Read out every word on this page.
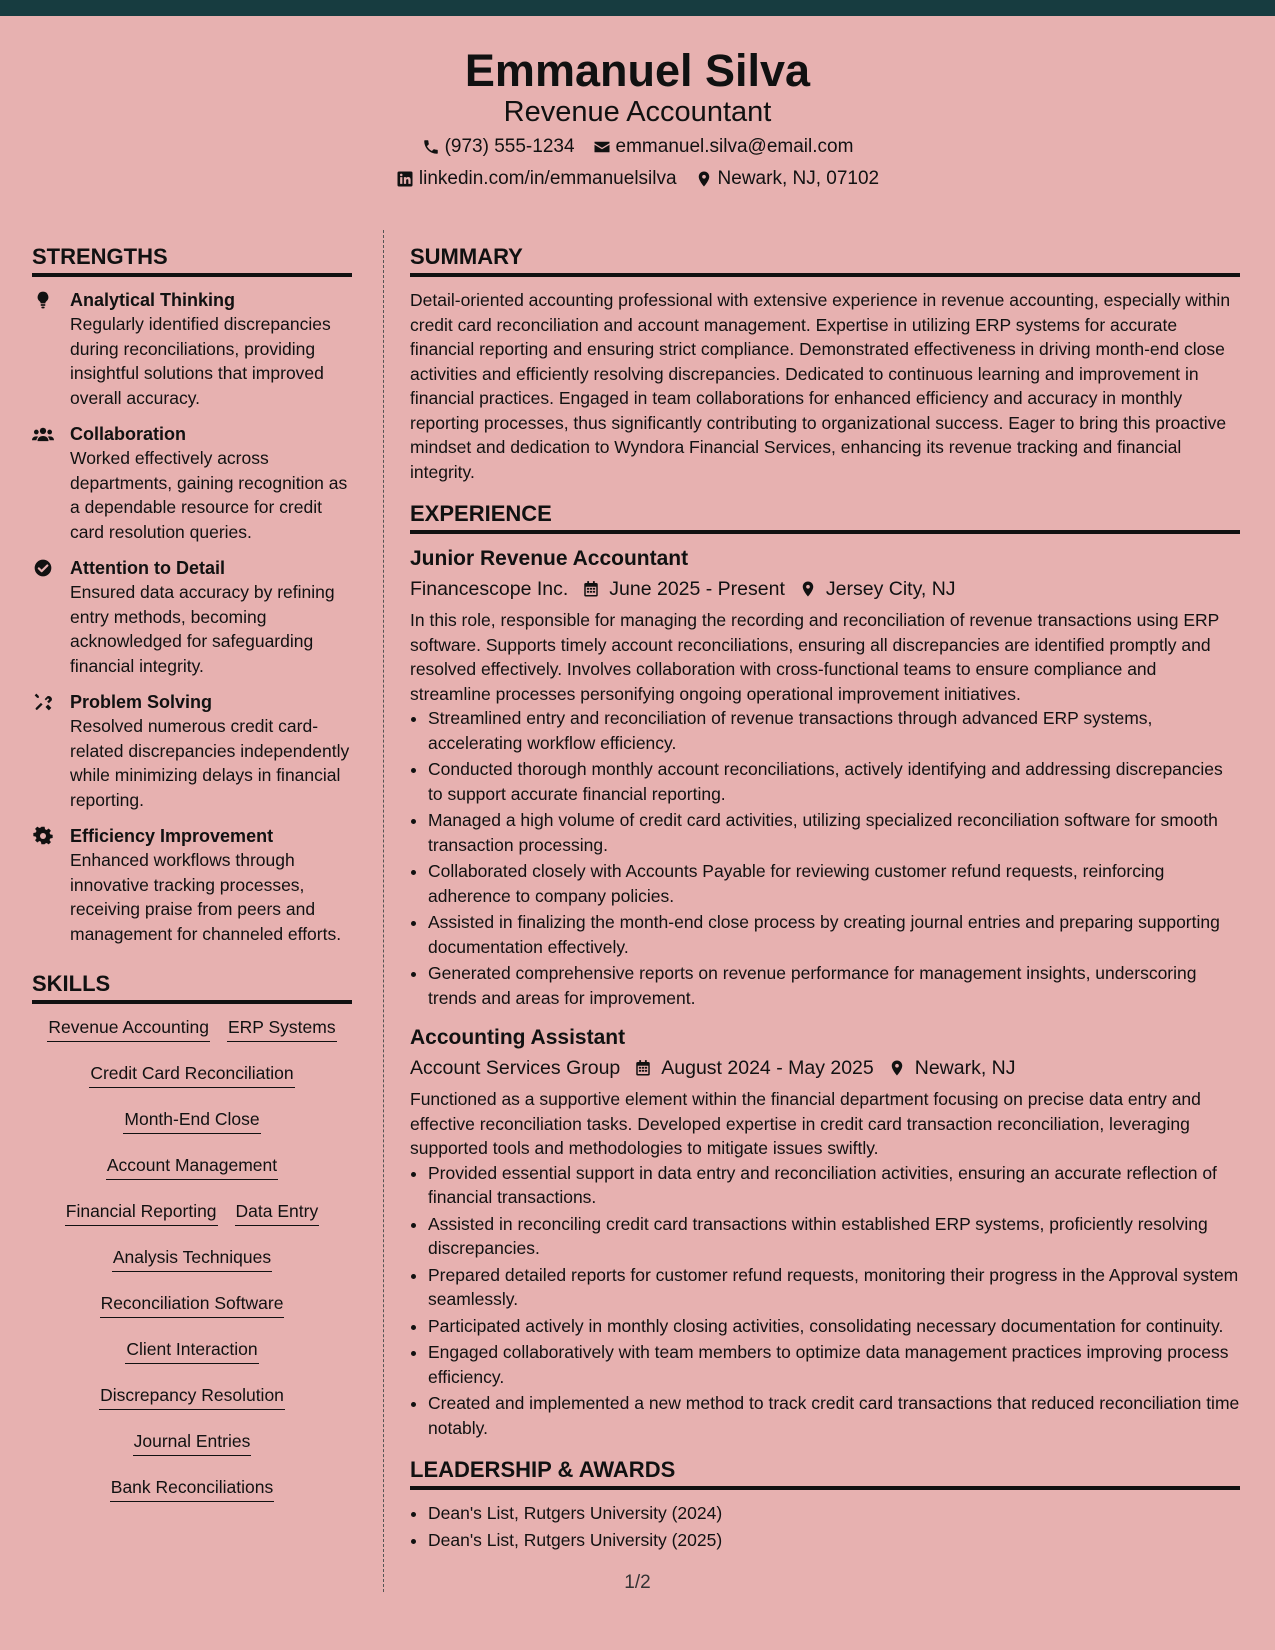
Emmanuel Silva
Revenue Accountant
(973) 555-1234 emmanuel.silva@email.com
linkedin.com/in/emmanuelsilva Newark, NJ, 07102
STRENGTHS
Analytical Thinking
Regularly identified discrepancies during reconciliations, providing insightful solutions that improved overall accuracy.
Collaboration
Worked effectively across departments, gaining recognition as a dependable resource for credit card resolution queries.
Attention to Detail
Ensured data accuracy by refining entry methods, becoming acknowledged for safeguarding financial integrity.
Problem Solving
Resolved numerous credit card-related discrepancies independently while minimizing delays in financial reporting.
Efficiency Improvement
Enhanced workflows through innovative tracking processes, receiving praise from peers and management for channeled efforts.
SKILLS
Revenue Accounting ERP Systems
Credit Card Reconciliation
Month-End Close
Account Management
Financial Reporting Data Entry
Analysis Techniques
Reconciliation Software
Client Interaction
Discrepancy Resolution
Journal Entries
Bank Reconciliations
SUMMARY

Detail-oriented accounting professional with extensive experience in revenue accounting, especially within credit card reconciliation and account management. Expertise in utilizing ERP systems for accurate financial reporting and ensuring strict compliance. Demonstrated effectiveness in driving month-end close activities and efficiently resolving discrepancies. Dedicated to continuous learning and improvement in financial practices. Engaged in team collaborations for enhanced efficiency and accuracy in monthly reporting processes, thus significantly contributing to organizational success. Eager to bring this proactive mindset and dedication to Wyndora Financial Services, enhancing its revenue tracking and financial integrity.

EXPERIENCE
Junior Revenue Accountant
Financescope Inc. June 2025 - Present Jersey City, NJ

In this role, responsible for managing the recording and reconciliation of revenue transactions using ERP software. Supports timely account reconciliations, ensuring all discrepancies are identified promptly and resolved effectively. Involves collaboration with cross-functional teams to ensure compliance and streamline processes personifying ongoing operational improvement initiatives.

• Streamlined entry and reconciliation of revenue transactions through advanced ERP systems, accelerating workflow efficiency.
• Conducted thorough monthly account reconciliations, actively identifying and addressing discrepancies to support accurate financial reporting.
• Managed a high volume of credit card activities, utilizing specialized reconciliation software for smooth transaction processing.
• Collaborated closely with Accounts Payable for reviewing customer refund requests, reinforcing adherence to company policies.
• Assisted in finalizing the month-end close process by creating journal entries and preparing supporting documentation effectively.
• Generated comprehensive reports on revenue performance for management insights, underscoring trends and areas for improvement.
Accounting Assistant
Account Services Group August 2024 - May 2025 Newark, NJ

Functioned as a supportive element within the financial department focusing on precise data entry and effective reconciliation tasks. Developed expertise in credit card transaction reconciliation, leveraging supported tools and methodologies to mitigate issues swiftly.

• Provided essential support in data entry and reconciliation activities, ensuring an accurate reflection of financial transactions.
• Assisted in reconciling credit card transactions within established ERP systems, proficiently resolving discrepancies.
• Prepared detailed reports for customer refund requests, monitoring their progress in the Approval system seamlessly.
• Participated actively in monthly closing activities, consolidating necessary documentation for continuity.
• Engaged collaboratively with team members to optimize data management practices improving process efficiency.
• Created and implemented a new method to track credit card transactions that reduced reconciliation time notably.
LEADERSHIP & AWARDS
• Dean's List, Rutgers University (2024)
• Dean's List, Rutgers University (2025)
1/2
